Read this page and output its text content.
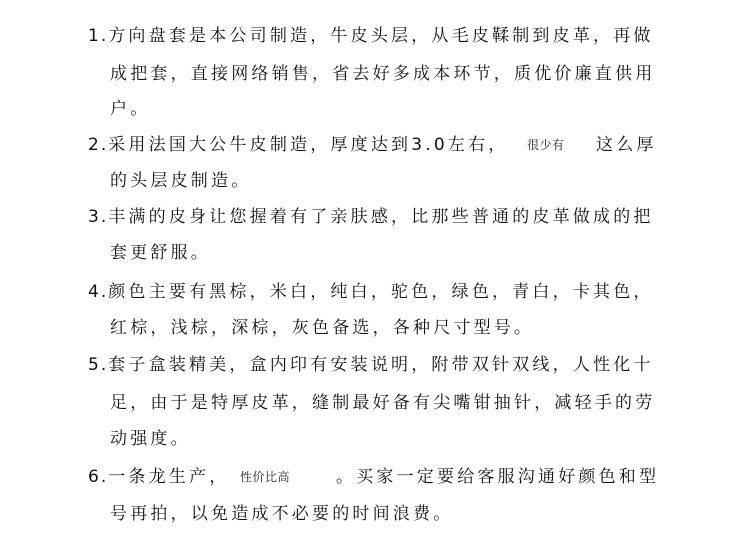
1.方向盘套是本公司制造，牛皮头层，从毛皮鞣制到皮革，再做
成把套，直接网络销售，省去好多成本环节，质优价廉直供用
户。
2.采用法国大公牛皮制造，厚度达到3.0左右， 很少有 这么厚
的头层皮制造。
3.丰满的皮身让您握着有了亲肤感，比那些普通的皮革做成的把
套更舒服。
4.颜色主要有黑棕，米白，纯白，驼色，绿色，青白，卡其色，
红棕，浅棕，深棕，灰色备选，各种尺寸型号。
5.套子盒装精美，盒内印有安装说明，附带双针双线，人性化十
足，由于是特厚皮革，缝制最好备有尖嘴钳抽针，减轻手的劳
动强度。
6.一条龙生产， 性价比高	。买家一定要给客服沟通好颜色和型
号再拍，以免造成不必要的时间浪费。
